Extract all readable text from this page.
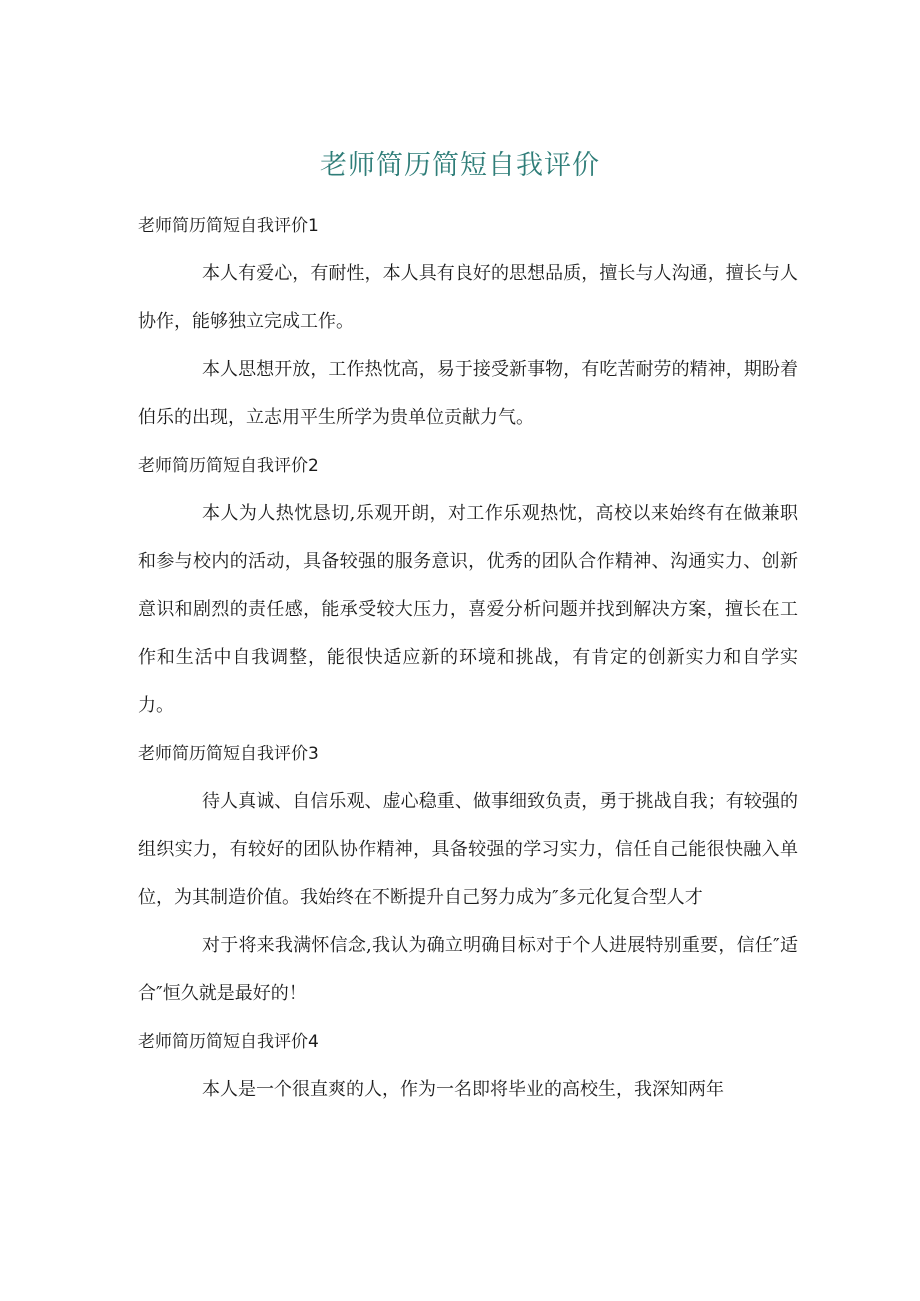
老师简历简短自我评价
老师简历简短自我评价1

本人有爱心，有耐性，本人具有良好的思想品质，擅长与人沟通，擅长与人协作，能够独立完成工作。

本人思想开放，工作热忱高，易于接受新事物，有吃苦耐劳的精神，期盼着伯乐的出现，立志用平生所学为贵单位贡献力气。

老师简历简短自我评价2

本人为人热忱恳切,乐观开朗，对工作乐观热忱，高校以来始终有在做兼职和参与校内的活动，具备较强的服务意识，优秀的团队合作精神、沟通实力、创新意识和剧烈的责任感，能承受较大压力，喜爱分析问题并找到解决方案，擅长在工作和生活中自我调整，能很快适应新的环境和挑战，有肯定的创新实力和自学实力。

老师简历简短自我评价3

待人真诚、自信乐观、虚心稳重、做事细致负责，勇于挑战自我；有较强的组织实力，有较好的团队协作精神，具备较强的学习实力，信任自己能很快融入单位，为其制造价值。我始终在不断提升自己努力成为″多元化复合型人才

对于将来我满怀信念,我认为确立明确目标对于个人进展特别重要，信任″适合″恒久就是最好的！

老师简历简短自我评价4

本人是一个很直爽的人，作为一名即将毕业的高校生，我深知两年
